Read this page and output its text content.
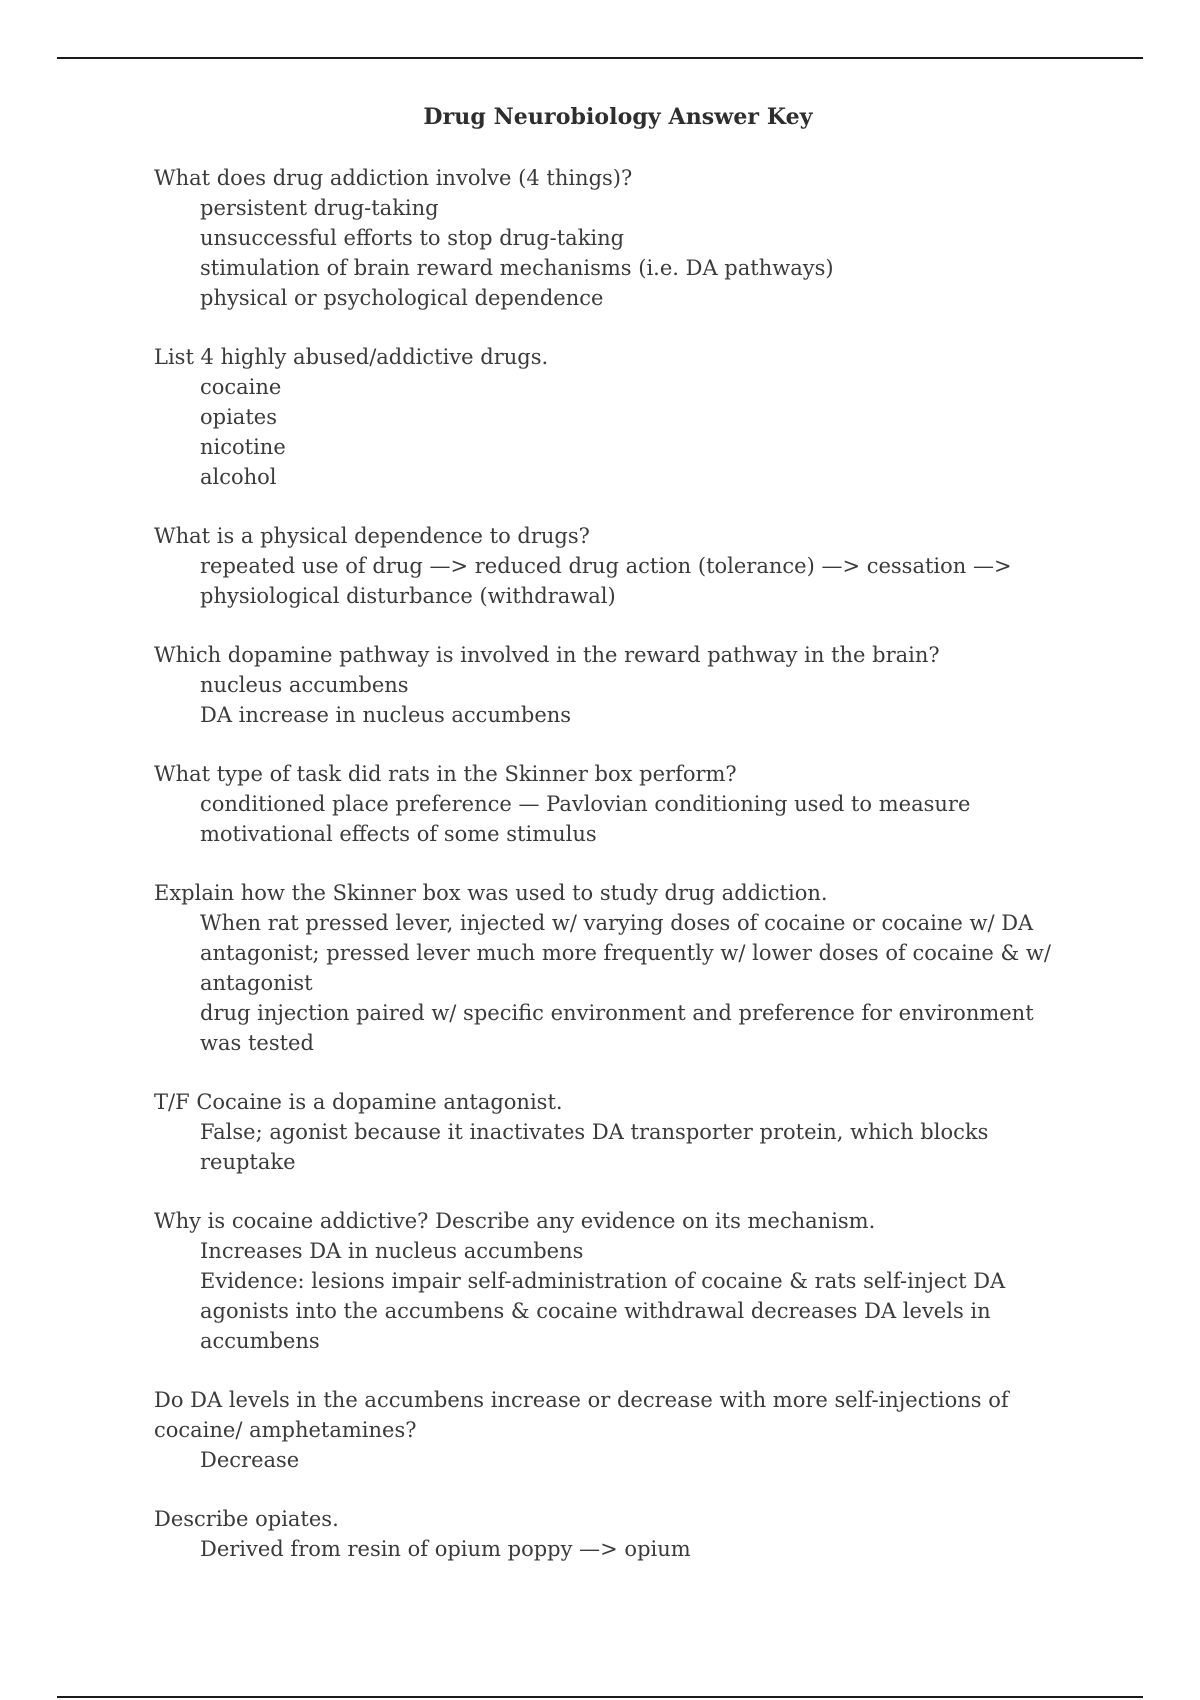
Drug Neurobiology Answer Key

What does drug addiction involve (4 things)?

persistent drug-taking

unsuccessful efforts to stop drug-taking

stimulation of brain reward mechanisms (i.e. DA pathways)

physical or psychological dependence

List 4 highly abused/addictive drugs.

cocaine

opiates

nicotine

alcohol

What is a physical dependence to drugs?

repeated use of drug —> reduced drug action (tolerance) —> cessation —> physiological disturbance (withdrawal)

Which dopamine pathway is involved in the reward pathway in the brain?

nucleus accumbens

DA increase in nucleus accumbens

What type of task did rats in the Skinner box perform?

conditioned place preference — Pavlovian conditioning used to measure motivational effects of some stimulus

Explain how the Skinner box was used to study drug addiction.

When rat pressed lever, injected w/ varying doses of cocaine or cocaine w/ DA antagonist; pressed lever much more frequently w/ lower doses of cocaine & w/ antagonist

drug injection paired w/ specific environment and preference for environment was tested

T/F Cocaine is a dopamine antagonist.

False; agonist because it inactivates DA transporter protein, which blocks reuptake

Why is cocaine addictive? Describe any evidence on its mechanism.

Increases DA in nucleus accumbens

Evidence: lesions impair self-administration of cocaine & rats self-inject DA agonists into the accumbens & cocaine withdrawal decreases DA levels in accumbens

Do DA levels in the accumbens increase or decrease with more self-injections of cocaine/ amphetamines?

Decrease

Describe opiates.

Derived from resin of opium poppy —> opium
